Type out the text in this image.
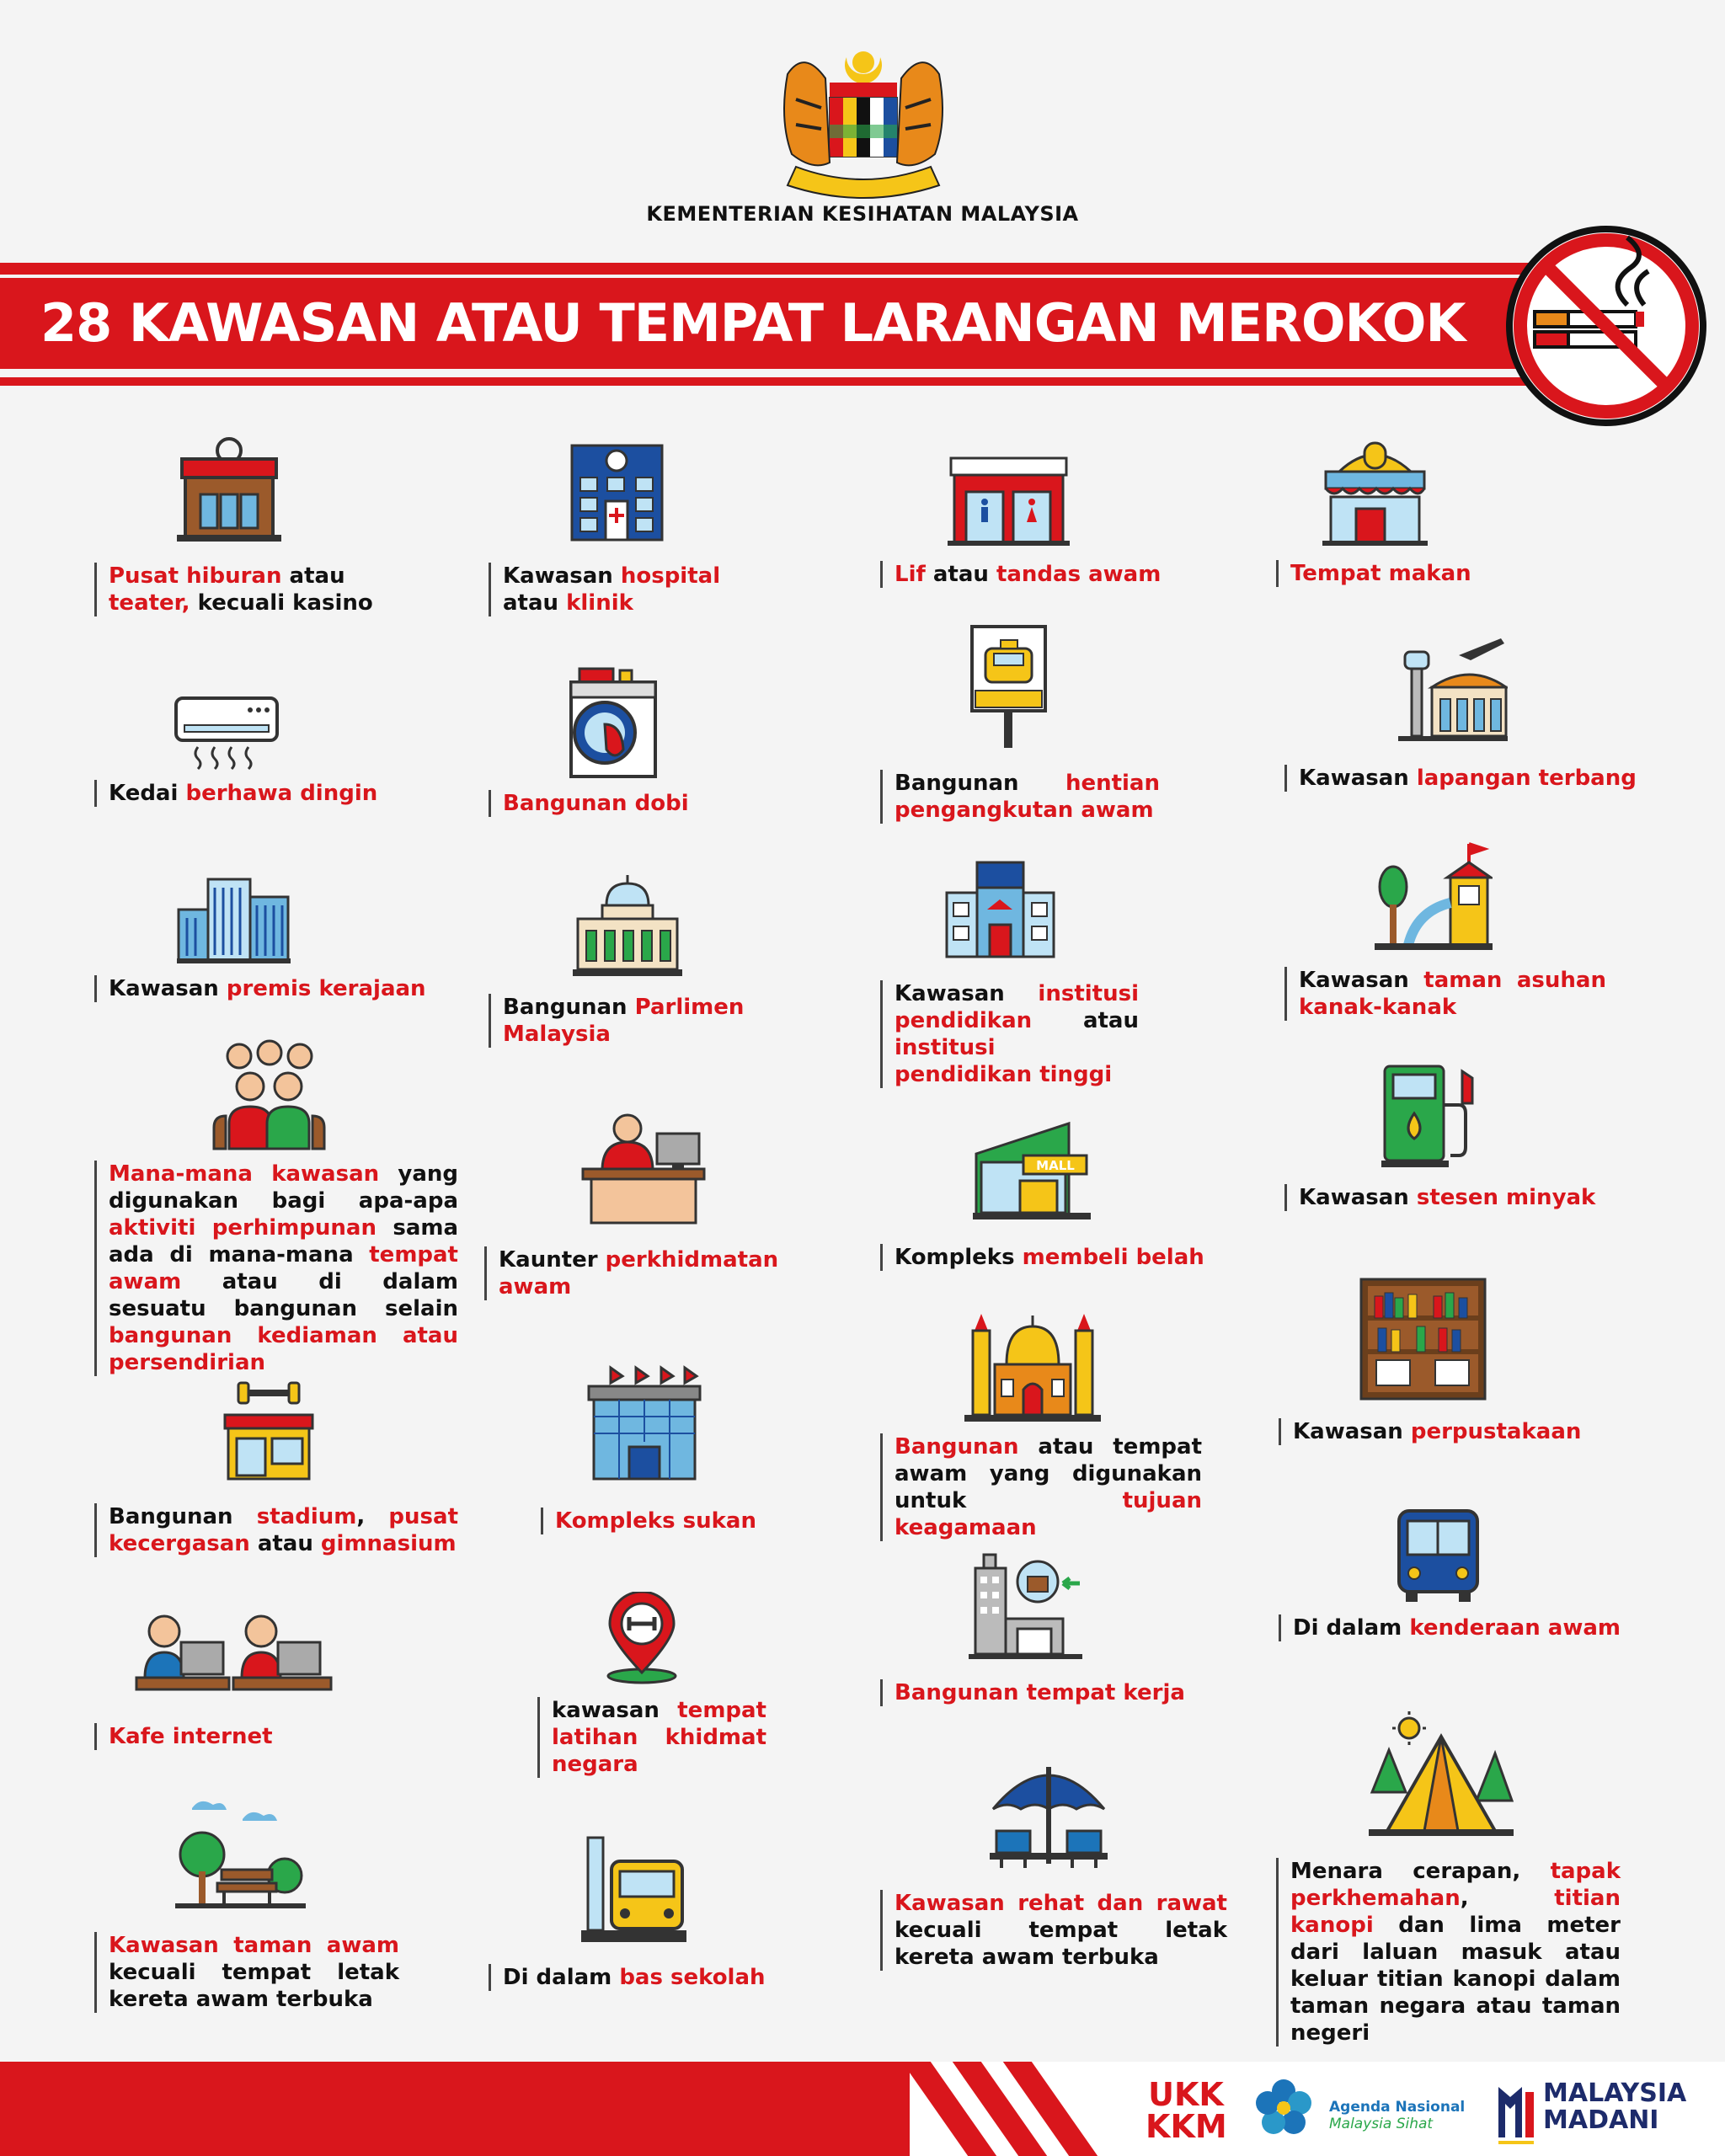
KEMENTERIAN KESIHATAN MALAYSIA
28 KAWASAN ATAU TEMPAT LARANGAN MEROKOK
Pusat hiburan atau teater, kecuali kasino
Kedai berhawa dingin
Kawasan premis kerajaan
Mana-mana kawasan yang digunakan bagi apa-apa aktiviti perhimpunan sama ada di mana-mana tempat awam atau di dalam sesuatu bangunan selain bangunan kediaman atau persendirian
Bangunan stadium, pusat kecergasan atau gimnasium
Kafe internet
Kawasan taman awam kecuali tempat letak kereta awam terbuka
Kawasan hospital atau klinik
Bangunan dobi
Bangunan Parlimen Malaysia
Kaunter perkhidmatan awam
Kompleks sukan
kawasan tempat latihan khidmat negara
Di dalam bas sekolah
Lif atau tandas awam
Bangunan hentian pengangkutan awam
Kawasan institusi pendidikan atau institusi pendidikan tinggi
MALL
Kompleks membeli belah
Bangunan atau tempat awam yang digunakan untuk tujuan keagamaan
Bangunan tempat kerja
Kawasan rehat dan rawat kecuali tempat letak kereta awam terbuka
Tempat makan
Kawasan lapangan terbang
Kawasan taman asuhan kanak-kanak
Kawasan stesen minyak
Kawasan perpustakaan
Di dalam kenderaan awam
Menara cerapan, tapak perkhemahan, titian kanopi dan lima meter dari laluan masuk atau keluar titian kanopi dalam taman negara atau taman negeri
UKK
KKM
Agenda Nasional
Malaysia Sihat
MALAYSIA
MADANI
